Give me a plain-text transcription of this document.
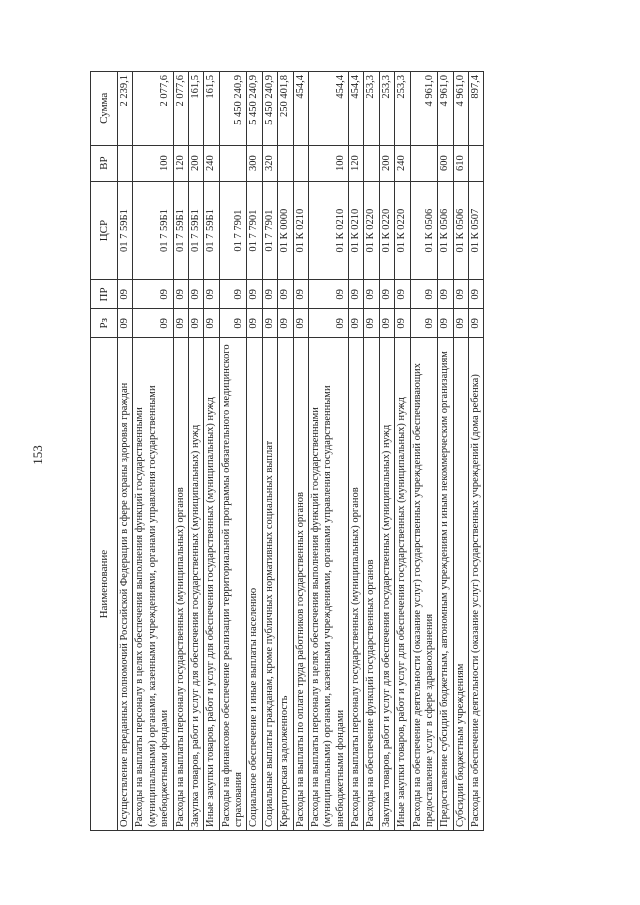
153
Наименование	Рз	ПР	ЦСР	ВР	Сумма
Осуществление переданных полномочий Российской Федерации в сфере охраны здоровья граждан	09	09	01 7 59Б1		2 239,1
Расходы на выплаты персоналу в целях обеспечения выполнения функций государственными (муниципальными) органами, казенными учреждениями, органами управления государственными внебюджетными фондами	09	09	01 7 59Б1	100	2 077,6
Расходы на выплаты персоналу государственных (муниципальных) органов	09	09	01 7 59Б1	120	2 077,6
Закупка товаров, работ и услуг для обеспечения государственных (муниципальных) нужд	09	09	01 7 59Б1	200	161,5
Иные закупки товаров, работ и услуг для обеспечения государственных (муниципальных) нужд	09	09	01 7 59Б1	240	161,5
Расходы на финансовое обеспечение реализации территориальной программы обязательного медицинского страхования	09	09	01 7 7901		5 450 240,9
Социальное обеспечение и иные выплаты населению	09	09	01 7 7901	300	5 450 240,9
Социальные выплаты гражданам, кроме публичных нормативных социальных выплат	09	09	01 7 7901	320	5 450 240,9
Кредиторская задолженность	09	09	01 К 0000		250 401,8
Расходы на выплаты по оплате труда работников государственных органов	09	09	01 К 0210		454,4
Расходы на выплаты персоналу в целях обеспечения выполнения функций государственными (муниципальными) органами, казенными учреждениями, органами управления государственными внебюджетными фондами	09	09	01 К 0210	100	454,4
Расходы на выплаты персоналу государственных (муниципальных) органов	09	09	01 К 0210	120	454,4
Расходы на обеспечение функций государственных органов	09	09	01 К 0220		253,3
Закупка товаров, работ и услуг для обеспечения государственных (муниципальных) нужд	09	09	01 К 0220	200	253,3
Иные закупки товаров, работ и услуг для обеспечения государственных (муниципальных) нужд	09	09	01 К 0220	240	253,3
Расходы на обеспечение деятельности (оказание услуг) государственных учреждений обеспечивающих предоставление услуг в сфере здравоохранения	09	09	01 К 0506		4 961,0
Предоставление субсидий бюджетным, автономным учреждениям и иным некоммерческим организациям	09	09	01 К 0506	600	4 961,0
Субсидии бюджетным учреждениям	09	09	01 К 0506	610	4 961,0
Расходы на обеспечение деятельности (оказание услуг) государственных учреждений (дома ребенка)	09	09	01 К 0507		897,4
